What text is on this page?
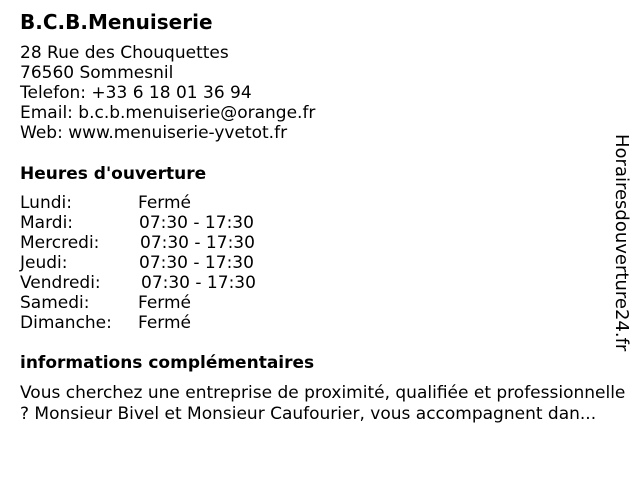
B.C.B.Menuiserie
28 Rue des Chouquettes
76560 Sommesnil
Telefon: +33 6 18 01 36 94
Email: b.c.b.menuiserie@orange.fr
Web: www.menuiserie-yvetot.fr
Heures d'ouverture
Lundi:	Fermé
Mardi:	07:30 - 17:30
Mercredi: 07:30 - 17:30
Jeudi:	07:30 - 17:30
Vendredi: 07:30 - 17:30
Samedi:	Fermé
Dimanche: Fermé
informations complémentaires
Vous cherchez une entreprise de proximité, qualifiée et professionnelle ? Monsieur Bivel et Monsieur Caufourier, vous accompagnent dan...
Horairesdouverture24.fr
